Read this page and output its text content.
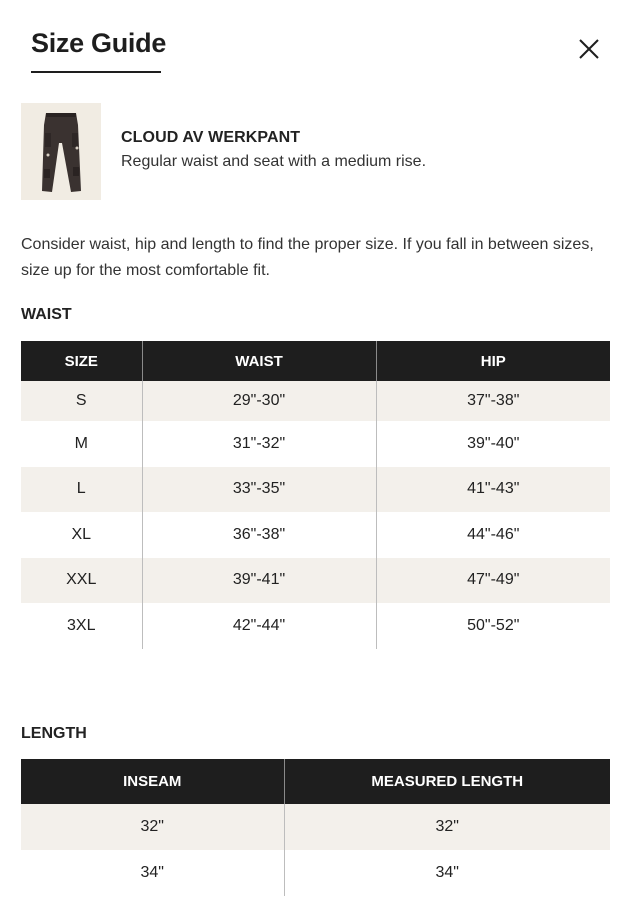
Size Guide
CLOUD AV WERKPANT
Regular waist and seat with a medium rise.

Consider waist, hip and length to find the proper size. If you fall in between sizes, size up for the most comfortable fit.

WAIST
SIZE	WAIST	HIP
S	29"-30"	37"-38"
M	31"-32"	39"-40"
L	33"-35"	41"-43"
XL	36"-38"	44"-46"
XXL	39"-41"	47"-49"
3XL	42"-44"	50"-52"
LENGTH
INSEAM	MEASURED LENGTH
32"	32"
34"	34"
